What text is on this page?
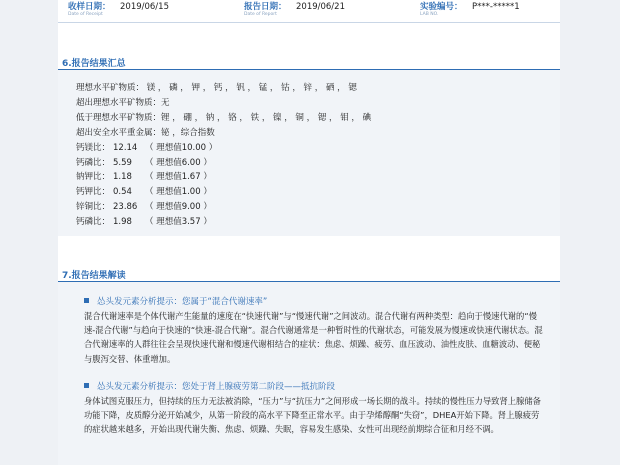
收样日期：
Date of Receipt
2019/06/15	报告日期：
Date of Report
2019/06/21	实验编号：
LAB NO.
P***-*****1
6.报告结果汇总
理想水平矿物质： 镁 ， 磷 ， 钾 ， 钙 ， 钒 ， 锰 ， 钴 ， 锌 ， 硒 ， 锶
超出理想水平矿物质：无
低于理想水平矿物质：锂 ， 硼 ， 钠 ， 铬 ， 铁 ， 镍 ， 铜 ， 锶 ， 钼 ， 碘
超出安全水平重金属：铋 ，综合指数
钙镁比： 12.14 （ 理想值10.00 ）
钙磷比： 5.59 （ 理想值6.00 ）
钠钾比： 1.18 （ 理想值1.67 ）
钙钾比： 0.54 （ 理想值1.00 ）
锌铜比： 23.86 （ 理想值9.00 ）
钙磷比： 1.98 （ 理想值3.57 ）
7.报告结果解读
怂头发元素分析提示：您属于“混合代谢速率”
混合代谢速率是个体代谢产生能量的速度在“快速代谢”与“慢速代谢”之间波动。混合代谢有两种类型：趋向于慢速代谢的“慢速-混合代谢”与趋向于快速的“快速-混合代谢”。混合代谢通常是一种暂时性的代谢状态，可能发展为慢速或快速代谢状态。混合代谢速率的人群往往会呈现快速代谢和慢速代谢相结合的症状：焦虑、烦躁、疲劳、血压波动、油性皮肤、血糖波动、便秘与腹泻交替、体重增加。
怂头发元素分析提示：您处于肾上腺疲劳第二阶段——抵抗阶段
身体试图克服压力，但持续的压力无法被消除，“压力”与“抗压力”之间形成一场长期的战斗。持续的慢性压力导致肾上腺储备功能下降，皮质醇分泌开始减少，从第一阶段的高水平下降至正常水平。由于孕烯醇酮“失窃”，DHEA开始下降。肾上腺疲劳的症状越来越多，开始出现代谢失衡、焦虑、烦躁、失眠，容易发生感染、女性可出现经前期综合征和月经不调。
